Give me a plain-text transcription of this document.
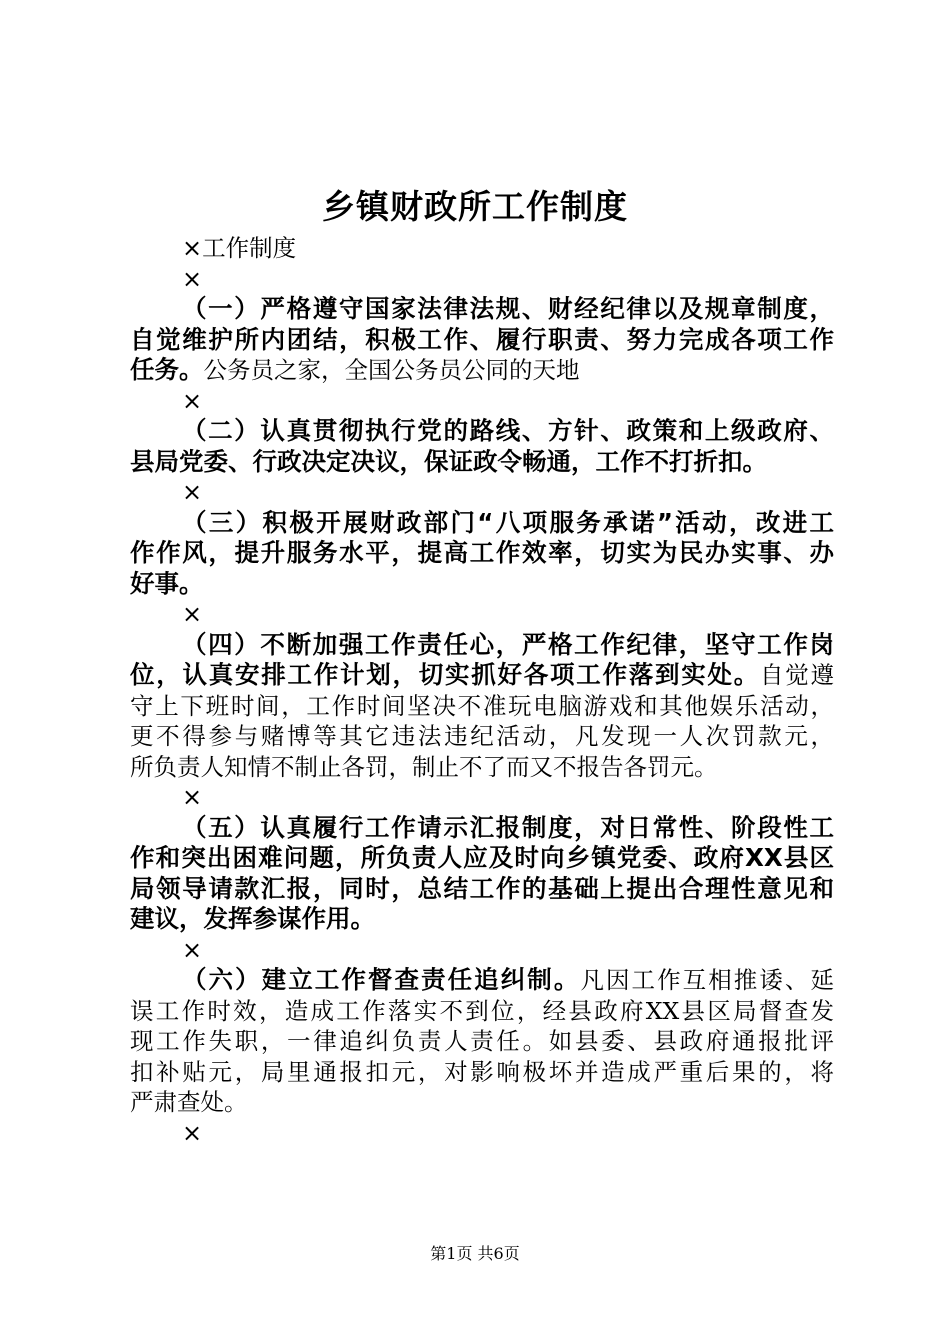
乡镇财政所工作制度
×工作制度
×
（一）严格遵守国家法律法规、财经纪律以及规章制度，
自觉维护所内团结，积极工作、履行职责、努力完成各项工作
任务。公务员之家，全国公务员公同的天地
×
（二）认真贯彻执行党的路线、方针、政策和上级政府、
县局党委、行政决定决议，保证政令畅通，工作不打折扣。
×
（三）积极开展财政部门“八项服务承诺”活动，改进工
作作风，提升服务水平，提高工作效率，切实为民办实事、办
好事。
×
（四）不断加强工作责任心，严格工作纪律，坚守工作岗
位，认真安排工作计划，切实抓好各项工作落到实处。自觉遵
守上下班时间，工作时间坚决不准玩电脑游戏和其他娱乐活动，
更不得参与赌博等其它违法违纪活动，凡发现一人次罚款元，
所负责人知情不制止各罚，制止不了而又不报告各罚元。
×
（五）认真履行工作请示汇报制度，对日常性、阶段性工
作和突出困难问题，所负责人应及时向乡镇党委、政府XX县区
局领导请款汇报，同时，总结工作的基础上提出合理性意见和
建议，发挥参谋作用。
×
（六）建立工作督查责任追纠制。凡因工作互相推诿、延
误工作时效，造成工作落实不到位，经县政府XX县区局督查发
现工作失职，一律追纠负责人责任。如县委、县政府通报批评
扣补贴元，局里通报扣元，对影响极坏并造成严重后果的，将
严肃查处。
×
第1页 共6页
